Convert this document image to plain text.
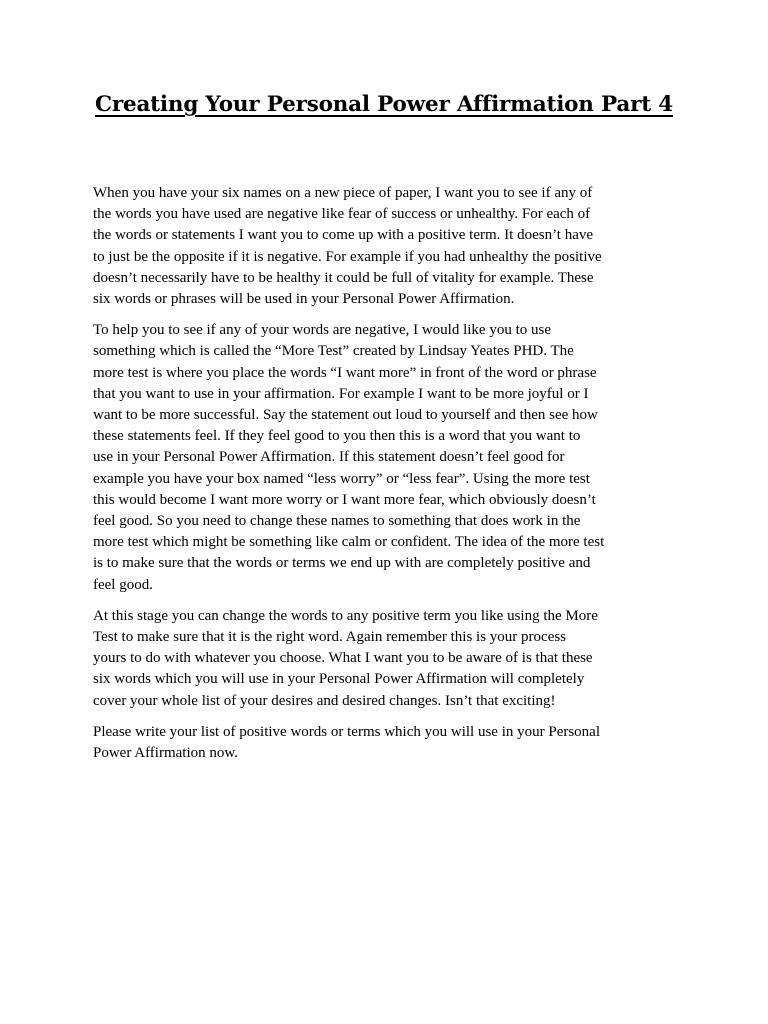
Creating Your Personal Power Affirmation Part 4

When you have your six names on a new piece of paper, I want you to see if any of
the words you have used are negative like fear of success or unhealthy. For each of
the words or statements I want you to come up with a positive term. It doesn’t have
to just be the opposite if it is negative. For example if you had unhealthy the positive
doesn’t necessarily have to be healthy it could be full of vitality for example. These
six words or phrases will be used in your Personal Power Affirmation.

To help you to see if any of your words are negative, I would like you to use
something which is called the “More Test” created by Lindsay Yeates PHD. The
more test is where you place the words “I want more” in front of the word or phrase
that you want to use in your affirmation. For example I want to be more joyful or I
want to be more successful. Say the statement out loud to yourself and then see how
these statements feel. If they feel good to you then this is a word that you want to
use in your Personal Power Affirmation. If this statement doesn’t feel good for
example you have your box named “less worry” or “less fear”. Using the more test
this would become I want more worry or I want more fear, which obviously doesn’t
feel good. So you need to change these names to something that does work in the
more test which might be something like calm or confident. The idea of the more test
is to make sure that the words or terms we end up with are completely positive and
feel good.

At this stage you can change the words to any positive term you like using the More
Test to make sure that it is the right word. Again remember this is your process
yours to do with whatever you choose. What I want you to be aware of is that these
six words which you will use in your Personal Power Affirmation will completely
cover your whole list of your desires and desired changes. Isn’t that exciting!

Please write your list of positive words or terms which you will use in your Personal
Power Affirmation now.
